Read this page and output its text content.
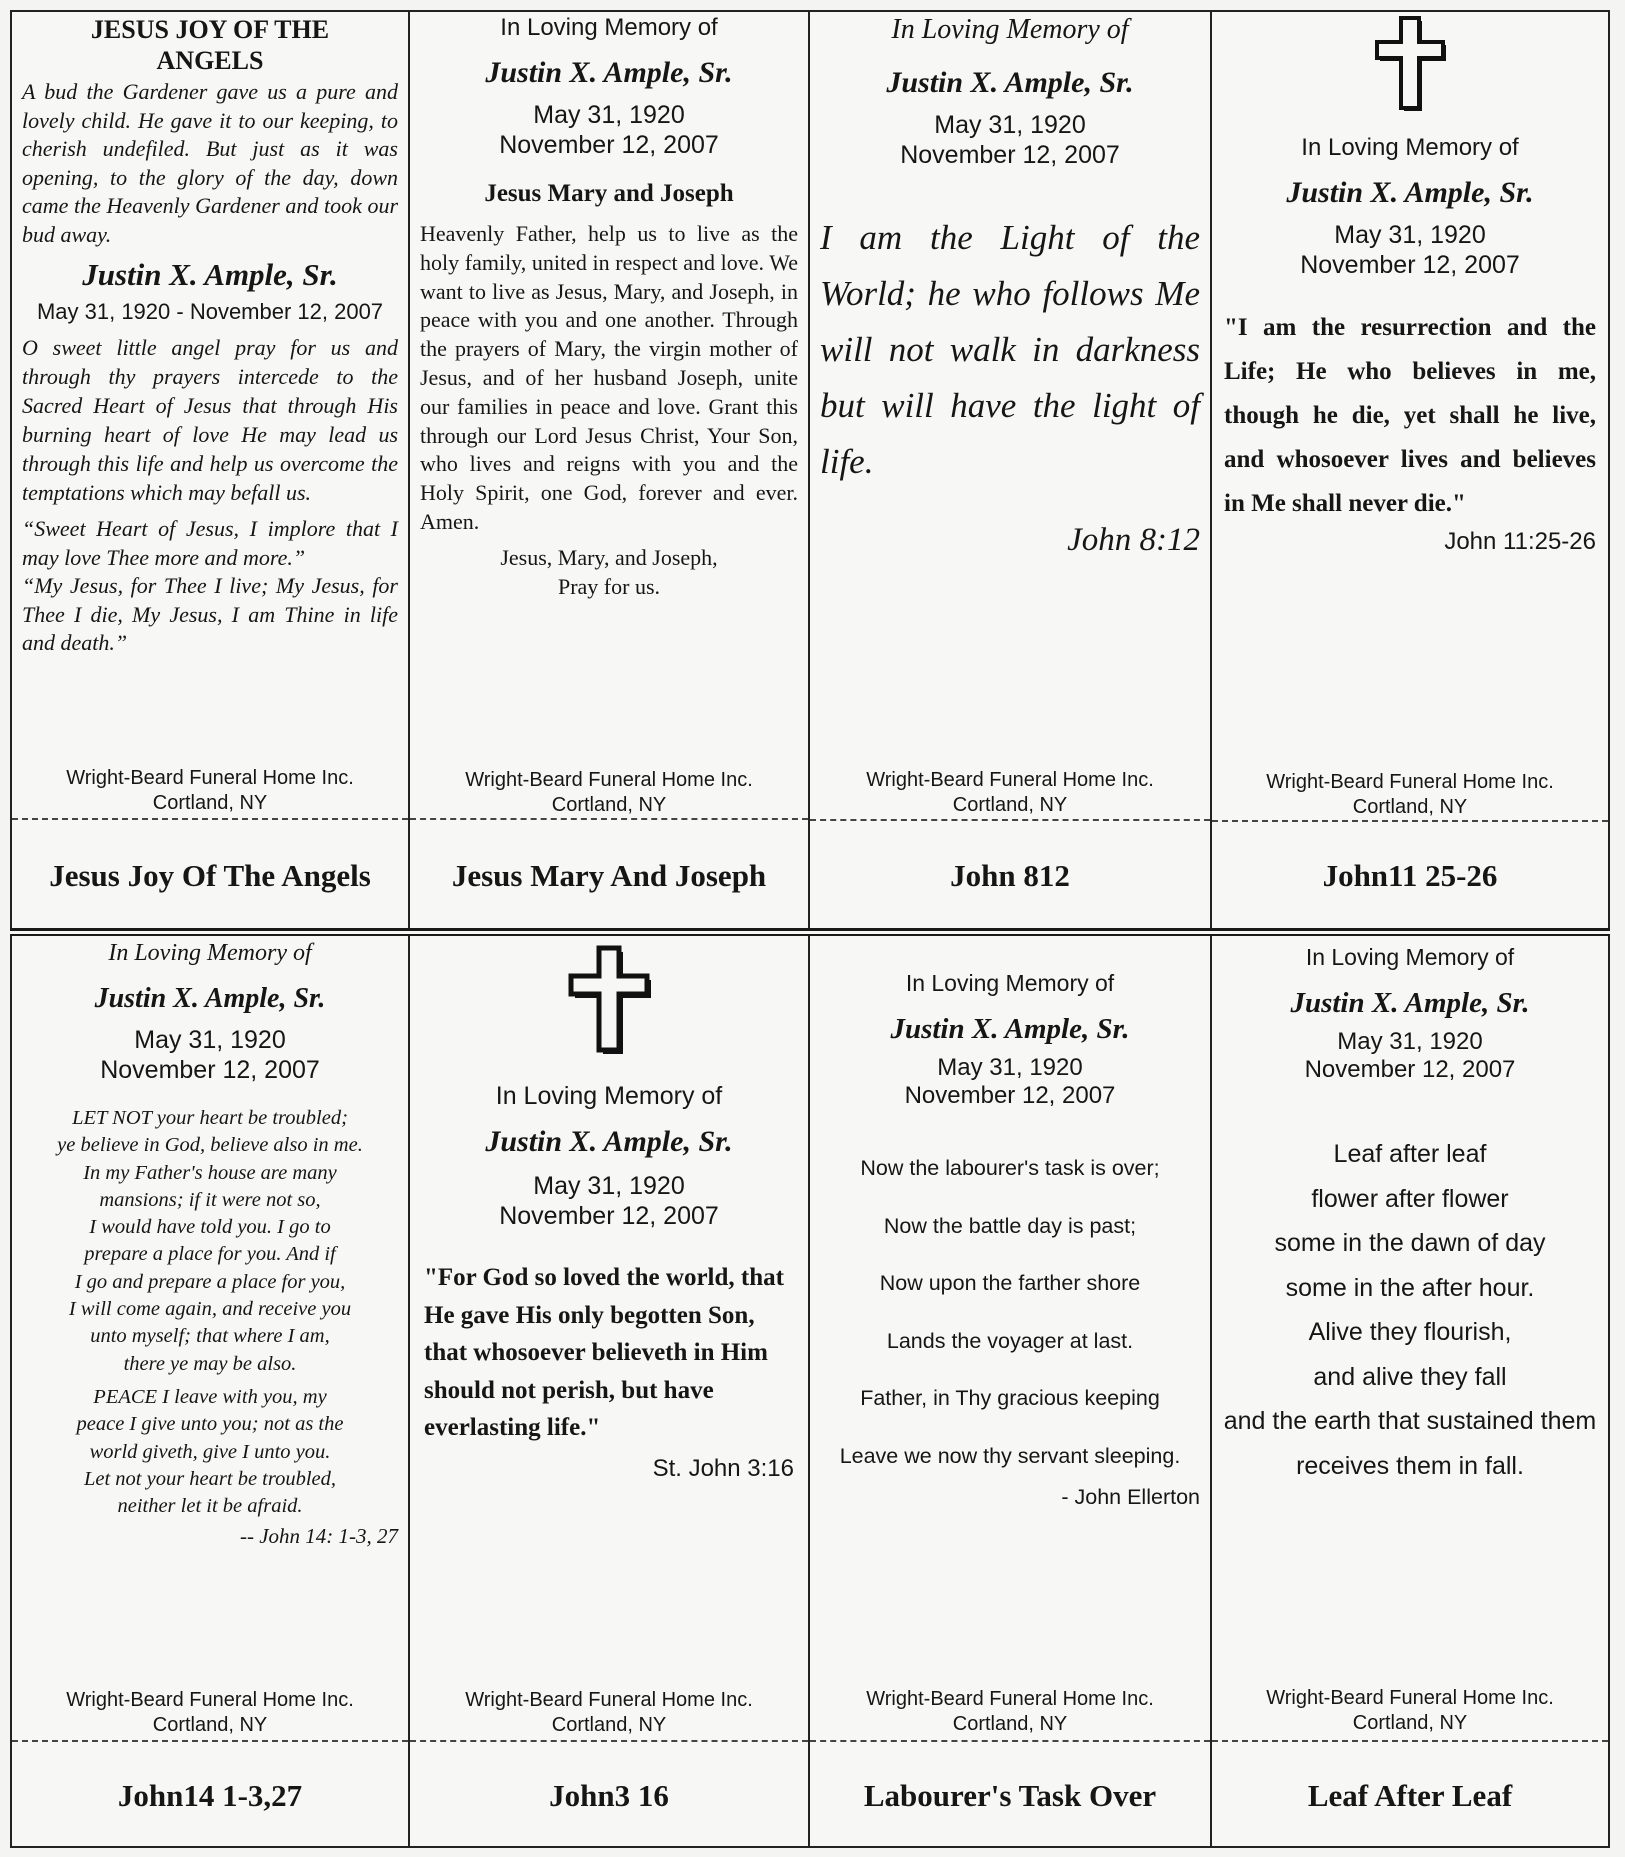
JESUS JOY OF THE
ANGELS

A bud the Gardener gave us a pure and lovely child. He gave it to our keeping, to cherish undefiled. But just as it was opening, to the glory of the day, down came the Heavenly Gardener and took our bud away.

Justin X. Ample, Sr.

May 31, 1920 - November 12, 2007

O sweet little angel pray for us and through thy prayers intercede to the Sacred Heart of Jesus that through His burning heart of love He may lead us through this life and help us overcome the temptations which may befall us.

“Sweet Heart of Jesus, I implore that I may love Thee more and more.”

“My Jesus, for Thee I live; My Jesus, for Thee I die, My Jesus, I am Thine in life and death.”

Wright-Beard Funeral Home Inc.
Cortland, NY
Jesus Joy Of The Angels

In Loving Memory of

Justin X. Ample, Sr.

May 31, 1920

November 12, 2007

Jesus Mary and Joseph

Heavenly Father, help us to live as the holy family, united in respect and love. We want to live as Jesus, Mary, and Joseph, in peace with you and one another. Through the prayers of Mary, the virgin mother of Jesus, and of her husband Joseph, unite our families in peace and love. Grant this through our Lord Jesus Christ, Your Son, who lives and reigns with you and the Holy Spirit, one God, forever and ever. Amen.

Jesus, Mary, and Joseph,

Pray for us.

Wright-Beard Funeral Home Inc.
Cortland, NY
Jesus Mary And Joseph

In Loving Memory of

Justin X. Ample, Sr.

May 31, 1920

November 12, 2007

I am the Light of the World; he who follows Me will not walk in darkness but will have the light of life.

John 8:12

Wright-Beard Funeral Home Inc.
Cortland, NY
John 812

In Loving Memory of

Justin X. Ample, Sr.

May 31, 1920

November 12, 2007

"I am the resurrection and the Life; He who believes in me, though he die, yet shall he live, and whosoever lives and believes in Me shall never die."

John 11:25-26

Wright-Beard Funeral Home Inc.
Cortland, NY
John11 25-26

In Loving Memory of

Justin X. Ample, Sr.

May 31, 1920

November 12, 2007

LET NOT your heart be troubled;
ye believe in God, believe also in me.
In my Father's house are many
mansions; if it were not so,
I would have told you. I go to
prepare a place for you. And if
I go and prepare a place for you,
I will come again, and receive you
unto myself; that where I am,
there ye may be also.
PEACE I leave with you, my
peace I give unto you; not as the
world giveth, give I unto you.
Let not your heart be troubled,
neither let it be afraid.

-- John 14: 1-3, 27

Wright-Beard Funeral Home Inc.
Cortland, NY
John14 1-3,27

In Loving Memory of

Justin X. Ample, Sr.

May 31, 1920

November 12, 2007

"For God so loved the world, that He gave His only begotten Son, that whosoever believeth in Him should not perish, but have everlasting life."

St. John 3:16

Wright-Beard Funeral Home Inc.
Cortland, NY
John3 16

In Loving Memory of

Justin X. Ample, Sr.

May 31, 1920

November 12, 2007

Now the labourer's task is over;
Now the battle day is past;
Now upon the farther shore
Lands the voyager at last.
Father, in Thy gracious keeping
Leave we now thy servant sleeping.

- John Ellerton

Wright-Beard Funeral Home Inc.
Cortland, NY
Labourer's Task Over

In Loving Memory of

Justin X. Ample, Sr.

May 31, 1920

November 12, 2007

Leaf after leaf
flower after flower
some in the dawn of day
some in the after hour.
Alive they flourish,
and alive they fall
and the earth that sustained them
receives them in fall.
Wright-Beard Funeral Home Inc.
Cortland, NY
Leaf After Leaf
